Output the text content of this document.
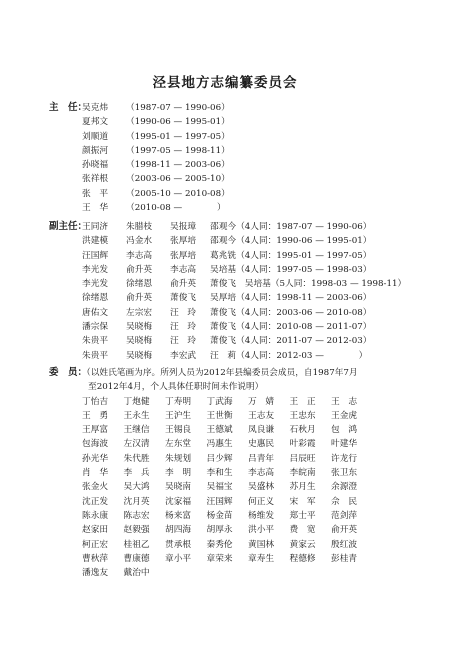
泾县地方志编纂委员会
主　任：
吴克炜 （1987-07 — 1990-06）
夏邦文 （1990-06 — 1995-01）
刘顺道 （1995-01 — 1997-05）
颜振河 （1997-05 — 1998-11）
孙晓福 （1998-11 — 2003-06）
张祥根 （2003-06 — 2005-10）
张　平 （2005-10 — 2010-08）
王　华 （2010-08 —　　　　）
副主任：
王同济 朱腊枝 吴报璋 邵观今（4人同：1987-07 — 1990-06）
洪建模 冯金水 张厚培 邵观今（4人同：1990-06 — 1995-01）
汪国辉 李志高 张厚培 葛兆铣（4人同：1995-01 — 1997-05）
李光发 俞升英 李志高 吴培基（4人同：1997-05 — 1998-03）
李光发 徐绪恩 俞升英 萧俊飞　吴培基（5人同：1998-03 — 1998-11）
徐绪恩 俞升英 萧俊飞 吴厚培（4人同：1998-11 — 2003-06）
唐佑文 左宗宏 汪　玲 萧俊飞（4人同：2003-06 — 2010-08）
潘宗保 吴晓梅 汪　玲 萧俊飞（4人同：2010-08 — 2011-07）
朱贵平 吴晓梅 汪　玲 萧俊飞（4人同：2011-07 — 2012-03）
朱贵平 吴晓梅 李宏武 汪　莉（4人同：2012-03 —　　　　）
委　员：
（以姓氏笔画为序。所列人员为2012年县编委员会成员，自1987年7月
至2012年4月，个人具体任职时间未作说明）
丁怡吉 丁炮健 丁寿明 丁武海 万　婧 王　正 王　志
王　勇 王永生 王沪生 王世衡 王志友 王忠东 王金虎
王厚富 王继信 王锡良 王德斌 凤良谦 石秋月 包　鸿
包海波 左汉清 左东堂 冯惠生 史惠民 叶彩霞 叶建华
孙光华 朱代胜 朱规划 吕少辉 吕青年 吕辰旺 许龙行
肖　华 李　兵 李　明 李和生 李志高 李皖南 张卫东
张金火 吴大鸿 吴晓南 吴福宝 吴盛林 苏月生 余源澄
沈正发 沈月英 沈家福 汪国辉 何正义 宋　军 佘　民
陈永康 陈志宏 杨来富 杨金苗 杨维发 郑士平 范剑萍
赵家田 赵毅强 胡四海 胡厚永 洪小平 费　宽 俞开英
柯正宏 桂祖乙 贯承根 秦秀伦 黄国林 黄家云 殷红波
曹秋萍 曹康德 章小平 章荣来 章寿生 程德修 彭桂青
潘逸友 戴治中
